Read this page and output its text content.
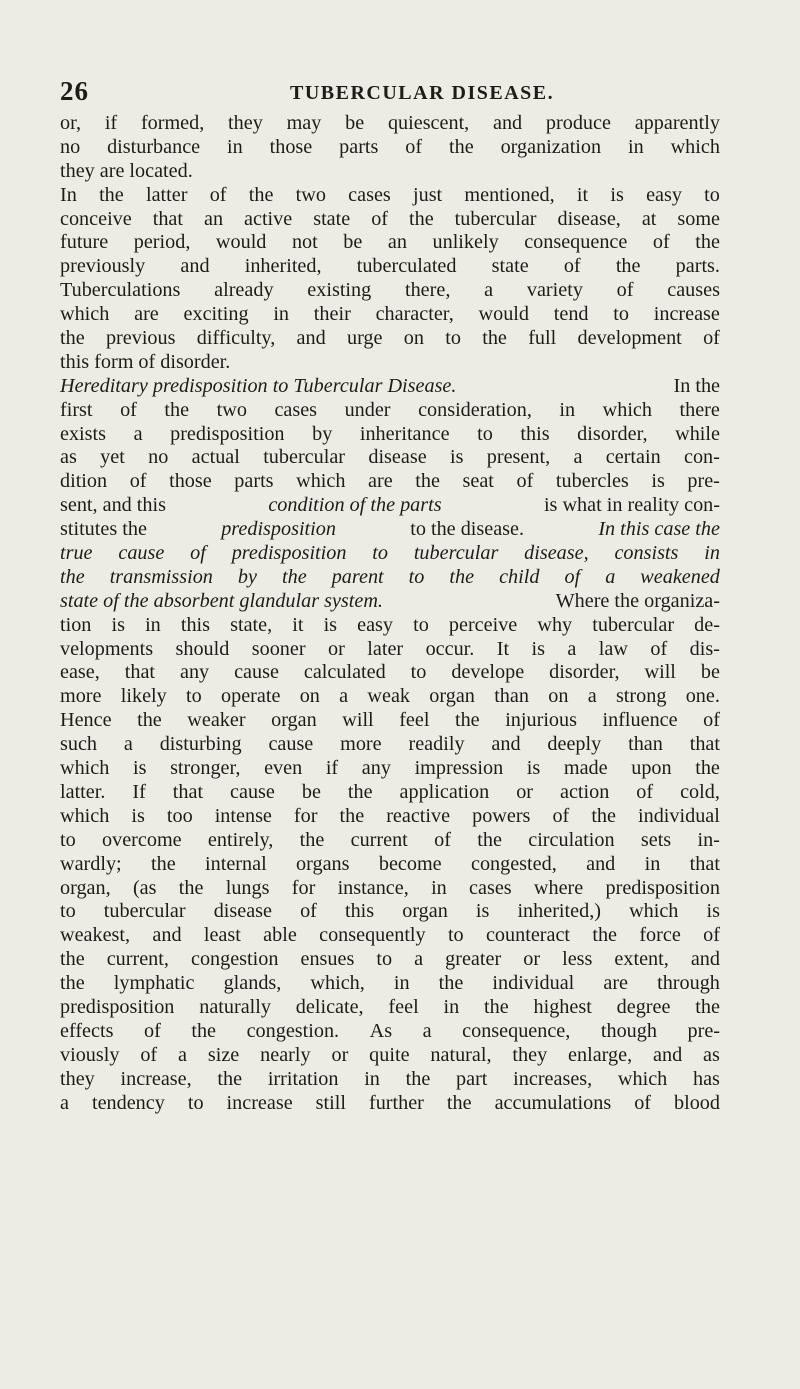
26	TUBERCULAR DISEASE.
or, if formed, they may be quiescent, and produce apparently
no disturbance in those parts of the organization in which
they are located.
In the latter of the two cases just mentioned, it is easy to
conceive that an active state of the tubercular disease, at some
future period, would not be an unlikely consequence of the
previously and inherited, tuberculated state of the parts.
Tuberculations already existing there, a variety of causes
which are exciting in their character, would tend to increase
the previous difficulty, and urge on to the full development of
this form of disorder.
Hereditary predisposition to Tubercular Disease.	In the
first of the two cases under consideration, in which there
exists a predisposition by inheritance to this disorder, while
as yet no actual tubercular disease is present, a certain con-
dition of those parts which are the seat of tubercles is pre-
sent, and this	condition of the parts	is what in reality con-
stitutes the	predisposition	to the disease.	In this case the
true cause of predisposition to tubercular disease, consists in
the transmission by the parent to the child of a weakened
state of the absorbent glandular system.	Where the organiza-
tion is in this state, it is easy to perceive why tubercular de-
velopments should sooner or later occur. It is a law of dis-
ease, that any cause calculated to develope disorder, will be
more likely to operate on a weak organ than on a strong one.
Hence the weaker organ will feel the injurious influence of
such a disturbing cause more readily and deeply than that
which is stronger, even if any impression is made upon the
latter. If that cause be the application or action of cold,
which is too intense for the reactive powers of the individual
to overcome entirely, the current of the circulation sets in-
wardly; the internal organs become congested, and in that
organ, (as the lungs for instance, in cases where predisposition
to tubercular disease of this organ is inherited,) which is
weakest, and least able consequently to counteract the force of
the current, congestion ensues to a greater or less extent, and
the lymphatic glands, which, in the individual are through
predisposition naturally delicate, feel in the highest degree the
effects of the congestion. As a consequence, though pre-
viously of a size nearly or quite natural, they enlarge, and as
they increase, the irritation in the part increases, which has
a tendency to increase still further the accumulations of blood
